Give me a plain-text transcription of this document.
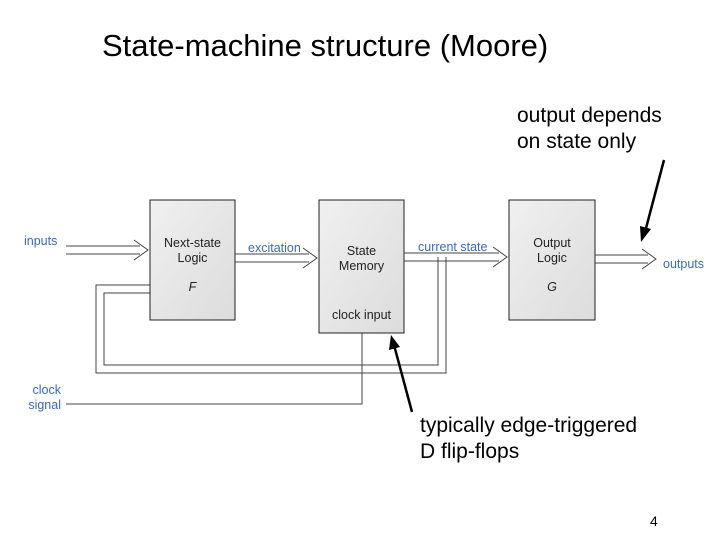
State-machine structure (Moore)
output depends
on state only
typically edge-triggered
D flip-flops
4
Next-state
Logic
F
State
Memory
clock input
Output
Logic
G
inputs	excitation	current state
outputs
clock
signal
